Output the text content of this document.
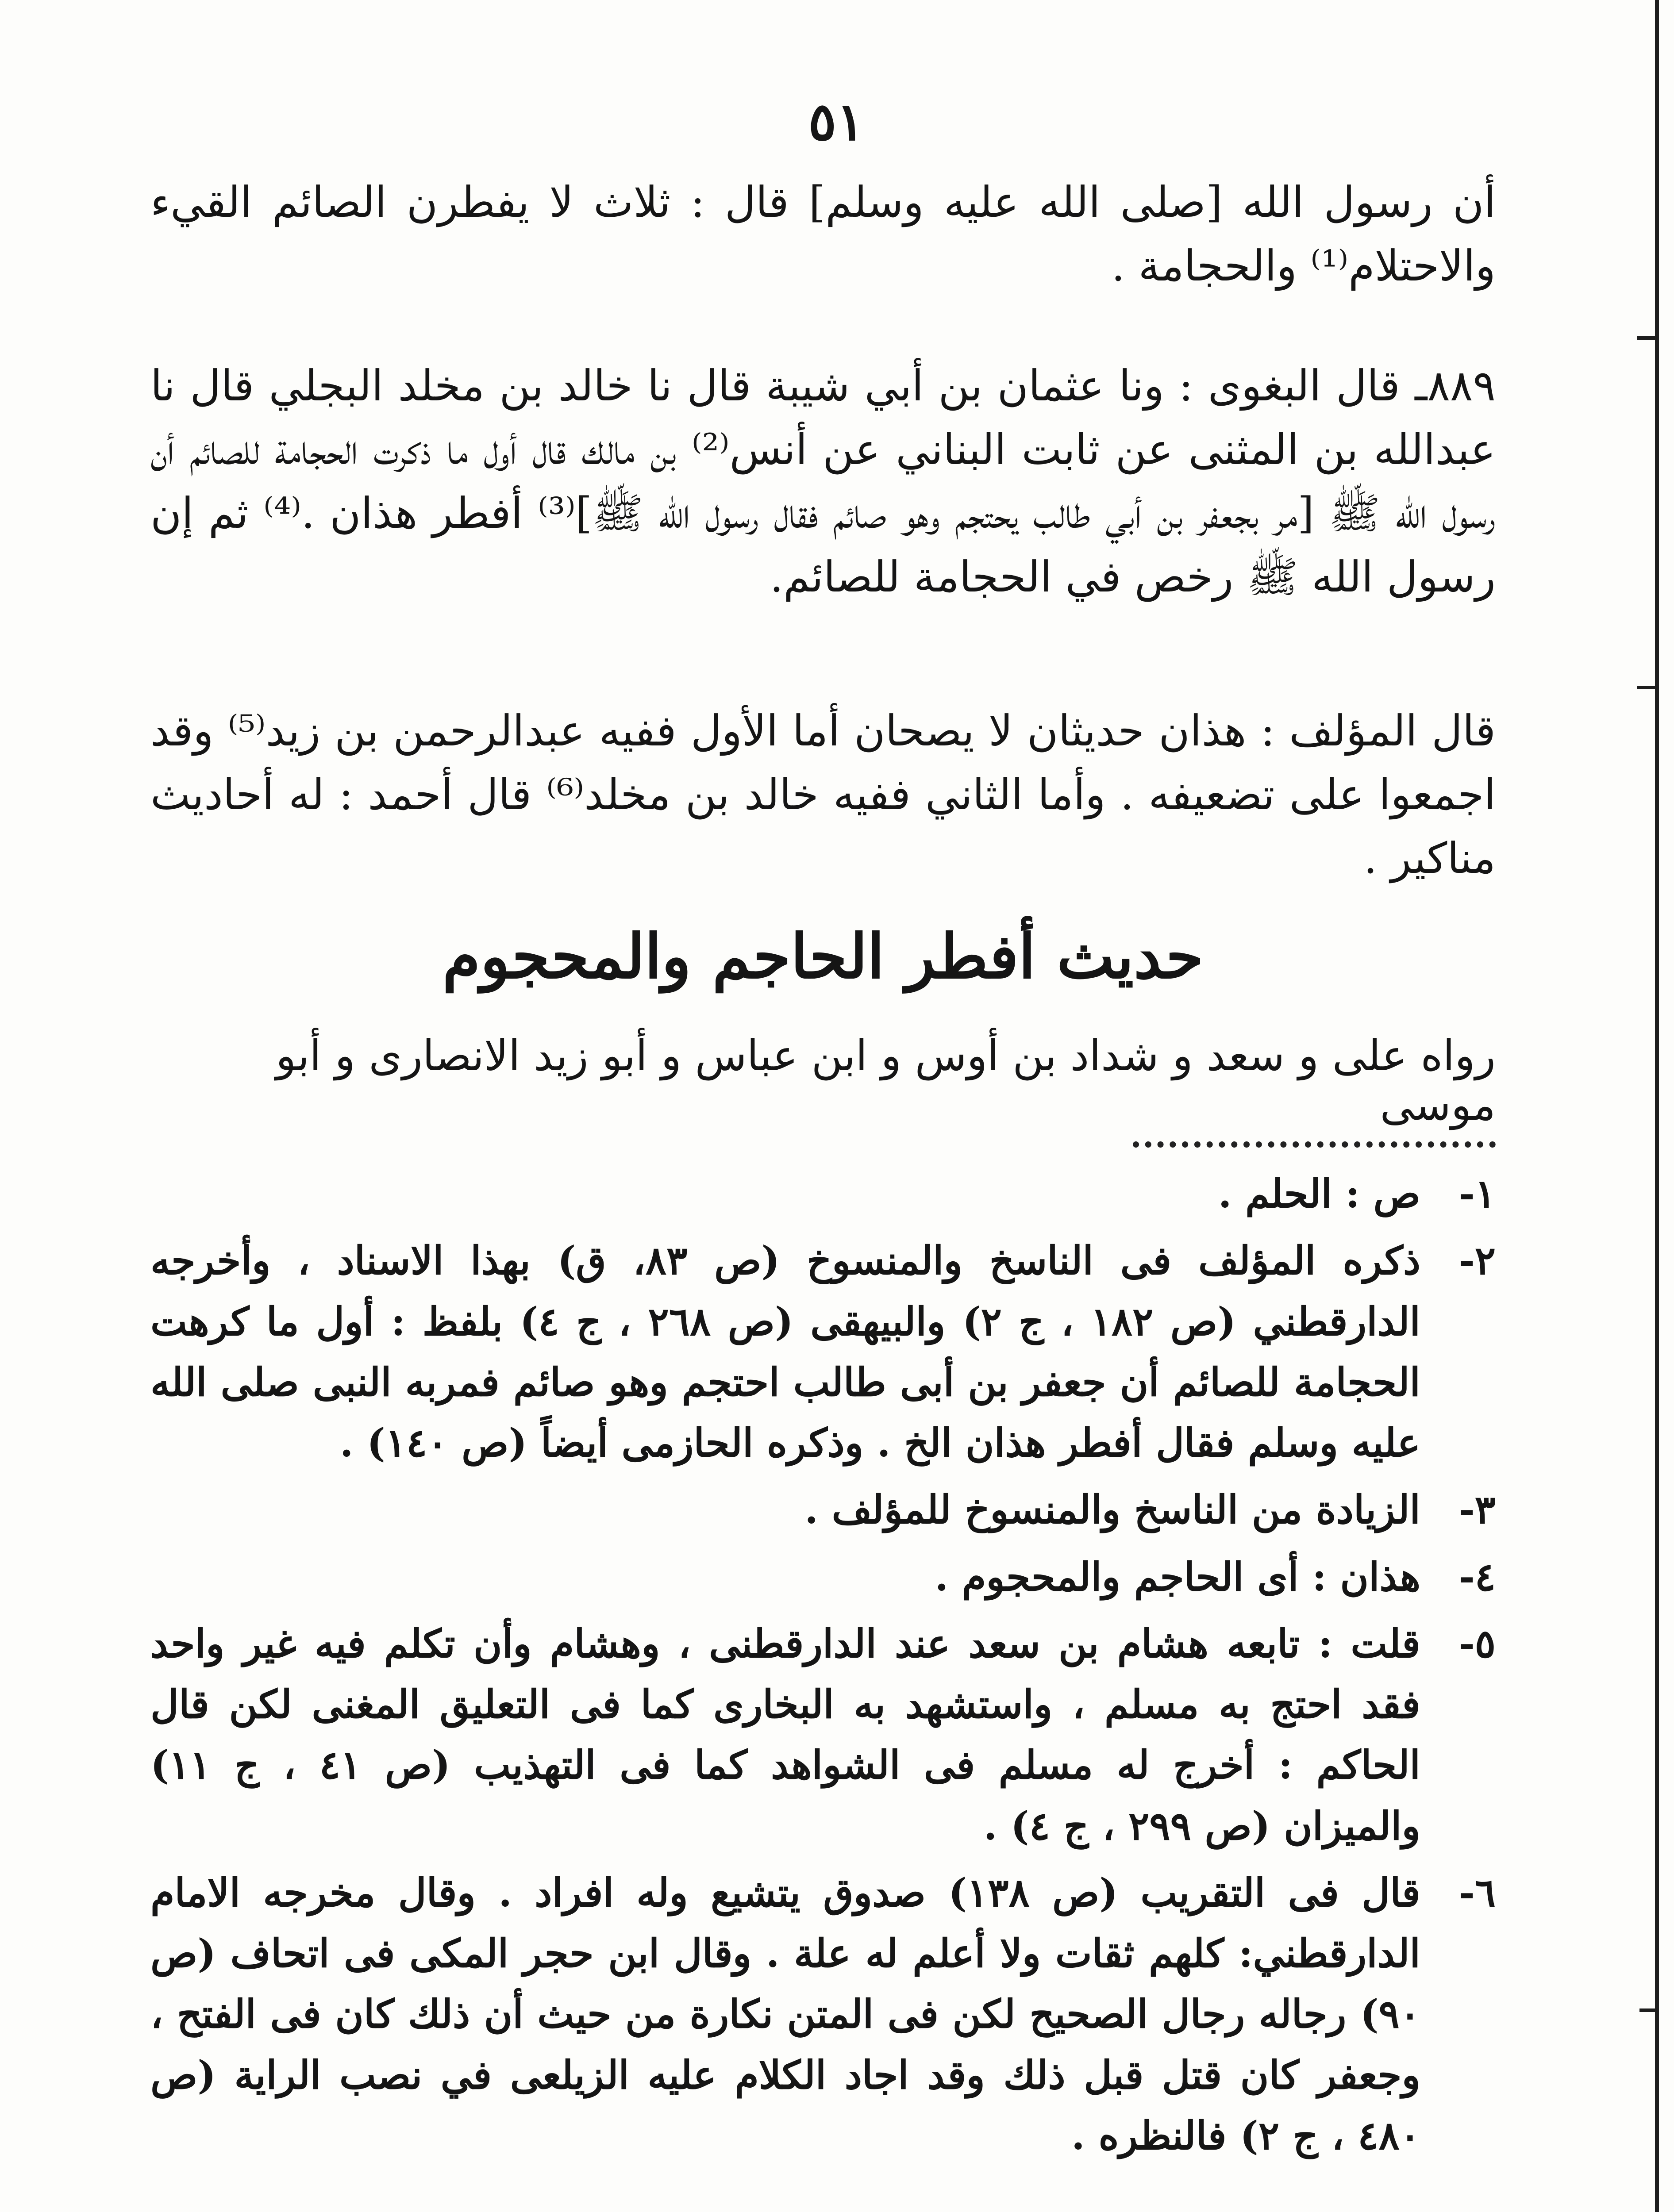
٥١

أن رسول الله [صلى الله عليه وسلم] قال : ثلاث لا يفطرن الصائم القيء والاحتلام⁽¹⁾ والحجامة .

٨٨٩ـ قال البغوى : ونا عثمان بن أبي شيبة قال نا خالد بن مخلد البجلي قال نا عبدالله بن المثنى عن ثابت البناني عن أنس⁽²⁾ بن مالك قال أول ما ذكرت الحجامة للصائم أن رسول الله ﷺ [مر بجعفر بن أبي طالب يحتجم وهو صائم فقال رسول الله ﷺ]⁽³⁾ أفطر هذان .⁽⁴⁾ ثم إن رسول الله ﷺ رخص في الحجامة للصائم.

قال المؤلف : هذان حديثان لا يصحان أما الأول ففيه عبدالرحمن بن زيد⁽⁵⁾ وقد اجمعوا على تضعيفه . وأما الثاني ففيه خالد بن مخلد⁽⁶⁾ قال أحمد : له أحاديث مناكير .

حديث أفطر الحاجم والمحجوم

رواه على و سعد و شداد بن أوس و ابن عباس و أبو زيد الانصارى و أبو موسى

١-
ص : الحلم .
٢-
ذكره المؤلف فى الناسخ والمنسوخ (ص ٨٣، ق) بهذا الاسناد ، وأخرجه الدارقطني (ص ١٨٢ ، ج ٢) والبيهقى (ص ٢٦٨ ، ج ٤) بلفظ : أول ما كرهت الحجامة للصائم أن جعفر بن أبى طالب احتجم وهو صائم فمربه النبى صلى الله عليه وسلم فقال أفطر هذان الخ . وذكره الحازمى أيضاً (ص ١٤٠) .
٣-
الزيادة من الناسخ والمنسوخ للمؤلف .
٤-
هذان : أى الحاجم والمحجوم .
٥-
قلت : تابعه هشام بن سعد عند الدارقطنى ، وهشام وأن تكلم فيه غير واحد فقد احتج به مسلم ، واستشهد به البخارى كما فى التعليق المغنى لكن قال الحاكم : أخرج له مسلم فى الشواهد كما فى التهذيب (ص ٤١ ، ج ١١) والميزان (ص ٢٩٩ ، ج ٤) .
٦-
قال فى التقريب (ص ١٣٨) صدوق يتشيع وله افراد . وقال مخرجه الامام الدارقطني: كلهم ثقات ولا أعلم له علة . وقال ابن حجر المكى فى اتحاف (ص ٩٠) رجاله رجال الصحيح لكن فى المتن نكارة من حيث أن ذلك كان فى الفتح ، وجعفر كان قتل قبل ذلك وقد اجاد الكلام عليه الزيلعى في نصب الراية (ص ٤٨٠ ، ج ٢) فالنظره .
